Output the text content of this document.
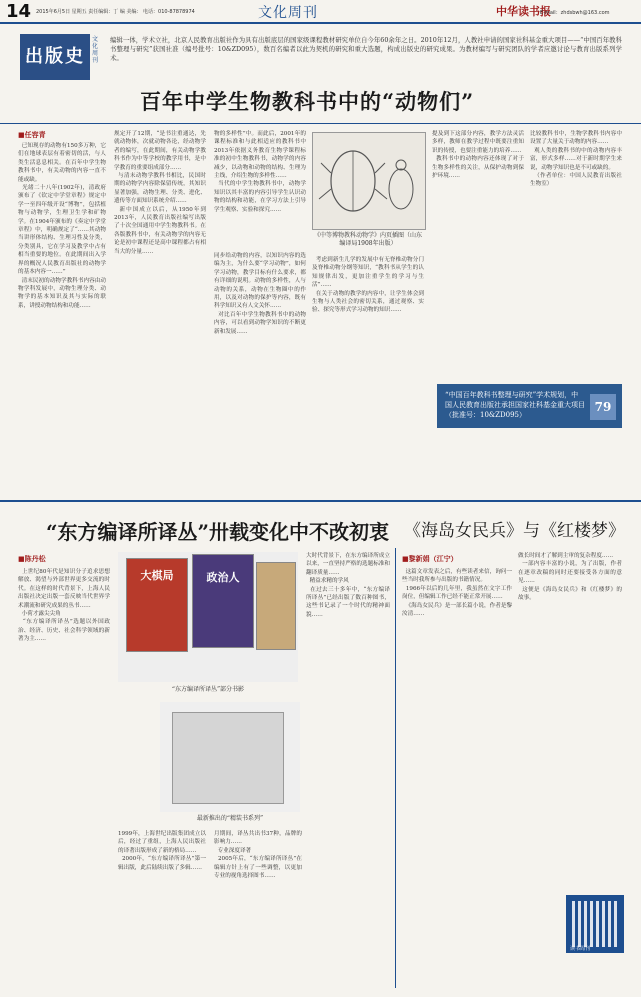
14 2015年6月5日 星期五 责任编辑：丁 编 美编： 电话：010-87878974	文化周刊	中华读书报
E-mail：zhdsbwh@163.com
出版史
文化周刊
编辑一体，学术立社，北京人民教育出版社作为具有出版底层的国家级课程教材研究单位自今年60余年之日。2010年12月，人教社申请的国家社科基金重大项目——“中国百年教科书整理与研究”获国社准（编号批号：10&ZD095），数百名编者以此为契机的研究和重大选题，构成出版史的研究成果。为教材编写与研究团队的学者应邀讨论与教育出版系列学术。
百年中学生物教科书中的“动物们”
■任容青
已知现存的动物有150多万种，它们在地球表层有着密切的活，与人类生活息息相关。在百年中学生物教科书中，有关动物的内容一直不能或缺。
光绪二十八年(1902年)，清政府颁布了《钦定中学堂章程》规定中学一至四年级开设“博物”，包括植物与动物学，生理卫生学和矿物学。在1904年颁布的《奏定中学堂章程》中，明确规定了“……其动物当讲形体结构、生理习性及分类，分类别具，它在学习及教学中占有相当重要的地位。在此期间出入学界的概况人民教育出版社的动物学的基本内容一……”
清末民初的动物学教科书内容由动物学科发展中，动物生理分类、动物学的基本知识及其与实际的联系，讲授动物结构和功能……
规定开了12期，“是书注重通达，先就动物体，次就动物各论，经动物学者的编写，在此期间，有关动物学教科书作为中等学校的教学用书，是中学教育的重要组成部分……
与清末动物学教科书相比，民国时期的动物学内容除保留传统，其知识显著加强，动物生理、分类、进化、遗传等方面知识系统介绍……
新中国成立以后，从1950年到2013年，人民教育出版社编写出版了十次全国通用中学生物教科书。在各版教科书中，有关动物学的内容无论是初中课程还是高中课程都占有相当大的分量……
物的多样性”中。而此后，2001年的课程标准和与此相适应的教科书中2013年依据义务教育生物学课程标准的初中生物教科书，动物学的内容减少，以动物和动物的结构、生理为主线，介绍生物的多样性……
当代的中学生物教科书中，动物学知识以其丰富的内容引导学生认识动物的结构和功能，在学习方法上引导学生观察、实验和探究……
同步给动物的内容，以知识内容的选编为主，为什么要“学习动物”，如何学习动物，教学目标有什么要求，都有详细的说明。动物的多样性，人与动物的关系，动物在生物圈中的作用，以及对动物的保护等内容，既有科学知识又有人文关怀……
对比百年中学生物教科书中的动物内容，可以看到动物学知识的不断更新和发展……
《中等博物教科动物学》内页插图（山东编译局1908年出版）
考虑到新生儿学的发展中有无脊椎动物分门及脊椎动物分纲等知识，“教科书从学生的认知规律出发，更加注重学生的学习与生活”……
在关于动物的教学的内容中，让学生体会到生物与人类社会的密切关系，通过观察、实验、探究等形式学习动物的知识……
提及到下这部分内容，教学方法灵活多样，教师在教学过程中既要注重知识的传授，也要注重能力的培养……
教科书中的动物内容还体现了对于生物多样性的关注，从保护动物到保护环境……
比较教科书中，生物学教科书内容中设置了大量关于动物的内容……
观人类的教科书的中的动物内容丰富，形式多样……对于新时期学生来说，动物学知识也是不可或缺的。
（作者单位：中国人民教育出版社生物室）
“中国百年教科书整理与研究”学术规划，中国人民教育出版社承担国家社科基金重大项目（批准号：10&ZD095）
79
“东方编译所译丛”卅载变化中不改初衷
■陈丹松
上世纪80年代是知识分子追求思想解放、渴望与外部世界更多交流的时代。在这样的时代背景下，上海人民出版社决定出版一套反映当代世界学术潮流和研究成果的丛书……
小荷才露尖尖角
“东方编译所译丛”选题以外国政治、经济、历史、社会科学领域的新著为主……
大棋局	政治人
“东方编译所译丛”部分书影
最新推出的“精装书系列”
1999年，上海世纪出版集团成立以后，经过了重组，上海人民出版社的译著出版形成了新的格局……
2000年，“东方编译所译丛”第一辑出版，此后陆续出版了多辑……
月期间，译丛共出书37种，品牌的影响力……
专业深度译著
2005年后，“东方编译所译丛”在编辑方针上有了一些调整，以更加专业的视角选择图书……
大时代背景下，在东方编译所成立以来，一直坚持严格的选题标准和翻译质量……
精益求精的学风
在过去三十多年中，“东方编译所译丛”已经出版了数百种图书，这些书记录了一个时代的精神面貌……
《海岛女民兵》与《红楼梦》
■黎新娟（江宁）
这篇文章发表之后，有些读者来信，询问一些当时我所参与出版的书籍情况。
1966年以后的几年里，我虽然在文字工作岗位，但编辑工作已经不能正常开展……
《海岛女民兵》是一部长篇小说，作者是黎汝清……
做长时间才了解到主审的复杂程度……
一部内容丰富的小说，为了出版，作者在逐章改稿的同时还要接受各方面的意见……
这便是《海岛女民兵》和《红楼梦》的故事。
读书周刊
